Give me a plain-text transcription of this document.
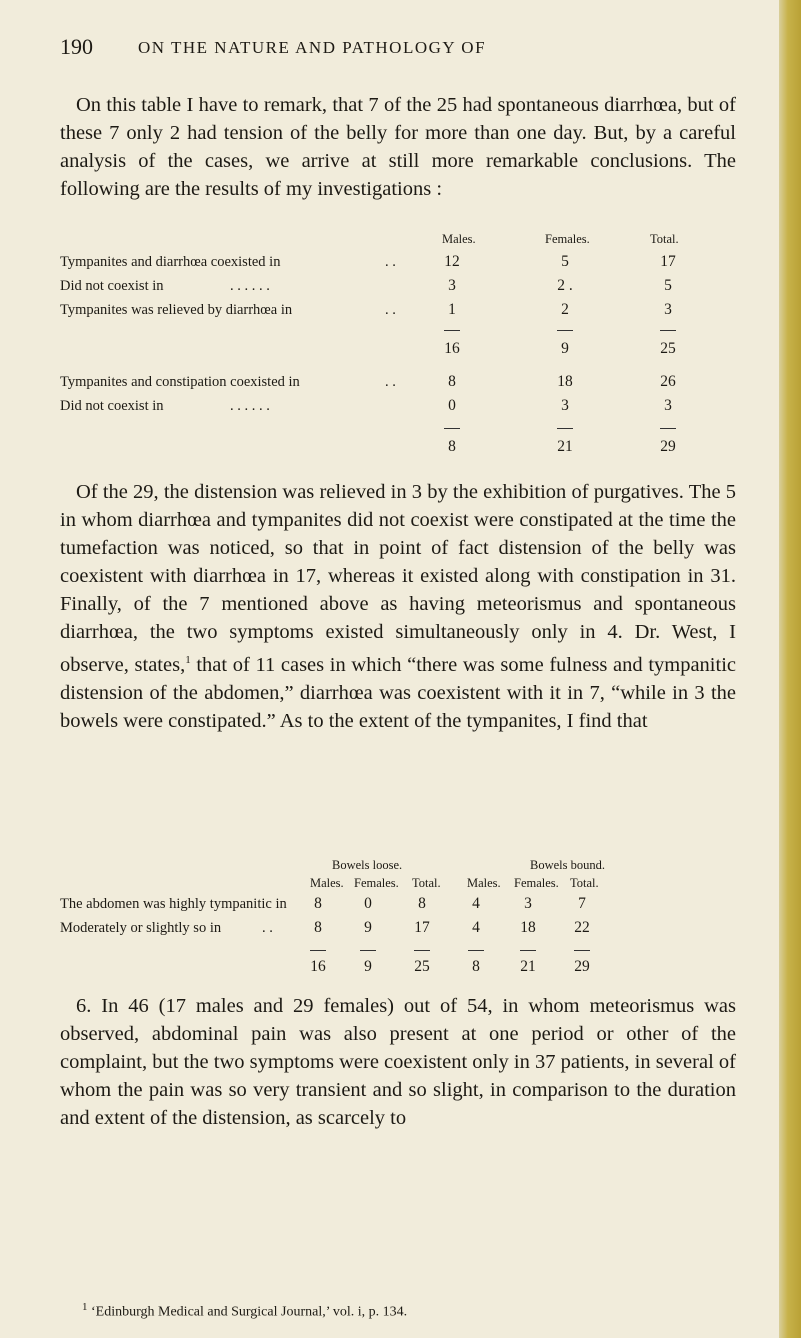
190	ON THE NATURE AND PATHOLOGY OF

On this table I have to remark, that 7 of the 25 had spontaneous diarrhœa, but of these 7 only 2 had tension of the belly for more than one day. But, by a careful analysis of the cases, we arrive at still more remarkable conclusions. The following are the results of my investigations :

Males.	Females.	Total.
Tympanites and diarrhœa coexisted in	. .	12	5	17
Did not coexist in	. . . . . .	3	2 .	5
Tympanites was relieved by diarrhœa in	. .	1	2	3
16	9	25
Tympanites and constipation coexisted in	. .	8	18	26
Did not coexist in	. . . . . .	0	3	3
8	21	29

Of the 29, the distension was relieved in 3 by the exhibition of purgatives. The 5 in whom diarrhœa and tympanites did not coexist were constipated at the time the tumefaction was noticed, so that in point of fact distension of the belly was coexistent with diarrhœa in 17, whereas it existed along with constipation in 31. Finally, of the 7 mentioned above as having meteorismus and spontaneous diarrhœa, the two symptoms existed simultaneously only in 4. Dr. West, I observe, states,$^1$ that of 11 cases in which “there was some fulness and tympanitic distension of the abdomen,” diarrhœa was coexistent with it in 7, “while in 3 the bowels were constipated.” As to the extent of the tympanites, I find that

Bowels loose.	Bowels bound.
Males. Females. Total. Males. Females. Total.
The abdomen was highly tympanitic in	8	0	8	4	3	7
Moderately or slightly so in	. .	8	9	17	4	18	22
16	9	25	8	21	29

6. In 46 (17 males and 29 females) out of 54, in whom meteorismus was observed, abdominal pain was also present at one period or other of the complaint, but the two symptoms were coexistent only in 37 patients, in several of whom the pain was so very transient and so slight, in comparison to the duration and extent of the distension, as scarcely to

$^1$ ‘Edinburgh Medical and Surgical Journal,’ vol. i, p. 134.
